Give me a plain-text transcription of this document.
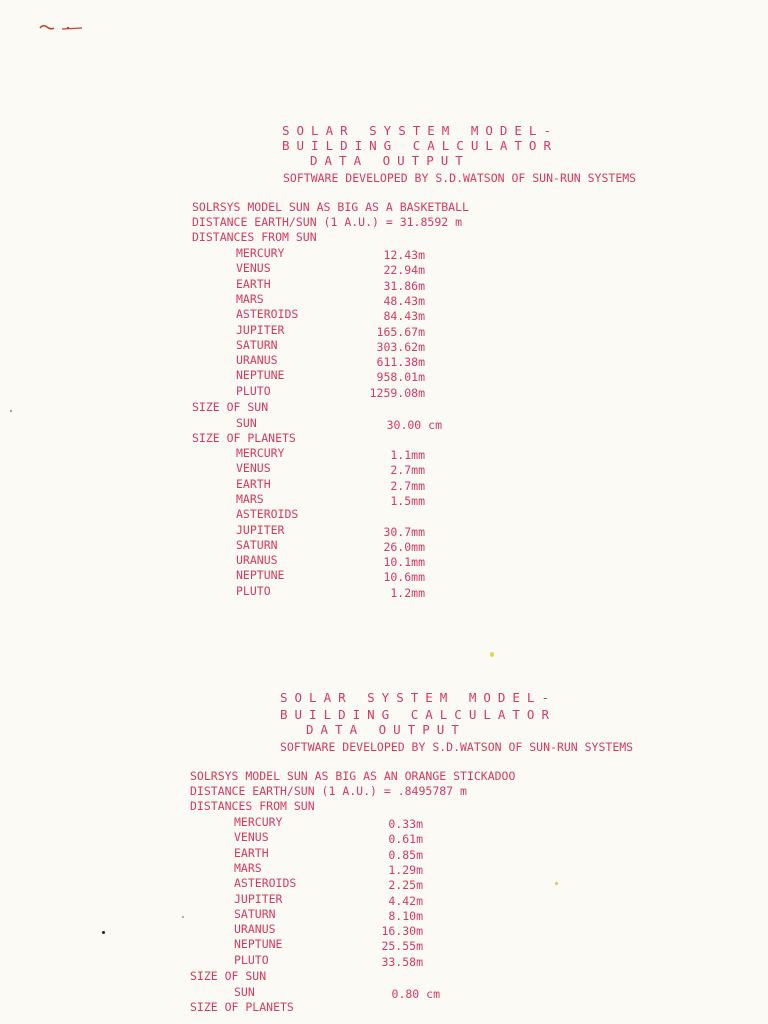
SOLAR SYSTEM MODEL-
BUILDING CALCULATOR
DATA OUTPUT
SOFTWARE DEVELOPED BY S.D.WATSON OF SUN-RUN SYSTEMS
SOLRSYS MODEL SUN AS BIG AS A BASKETBALL
DISTANCE EARTH/SUN (1 A.U.) = 31.8592 m
DISTANCES FROM SUN
MERCURY	12.43m
VENUS	22.94m
EARTH	31.86m
MARS	48.43m
ASTEROIDS	84.43m
JUPITER	165.67m
SATURN	303.62m
URANUS	611.38m
NEPTUNE	958.01m
PLUTO	1259.08m
SIZE OF SUN
SUN	30.00 cm
SIZE OF PLANETS
MERCURY	1.1mm
VENUS	2.7mm
EARTH	2.7mm
MARS	1.5mm
ASTEROIDS
JUPITER	30.7mm
SATURN	26.0mm
URANUS	10.1mm
NEPTUNE	10.6mm
PLUTO	1.2mm
SOLAR SYSTEM MODEL-
BUILDING CALCULATOR
DATA OUTPUT
SOFTWARE DEVELOPED BY S.D.WATSON OF SUN-RUN SYSTEMS
SOLRSYS MODEL SUN AS BIG AS AN ORANGE STICKADOO
DISTANCE EARTH/SUN (1 A.U.) = .8495787 m
DISTANCES FROM SUN
MERCURY	0.33m
VENUS	0.61m
EARTH	0.85m
MARS	1.29m
ASTEROIDS	2.25m
JUPITER	4.42m
SATURN	8.10m
URANUS	16.30m
NEPTUNE	25.55m
PLUTO	33.58m
SIZE OF SUN
SUN	0.80 cm
SIZE OF PLANETS
